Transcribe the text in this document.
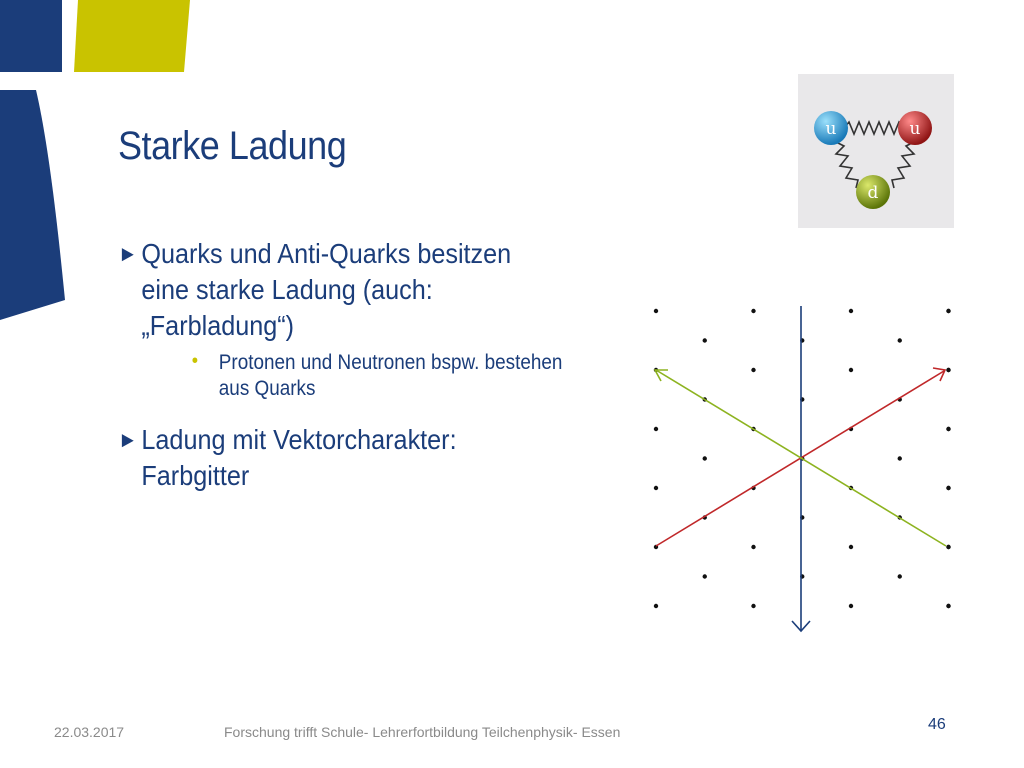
Starke Ladung
► Quarks und Anti-Quarks besitzen
eine starke Ladung (auch:
„Farbladung“)
• Protonen und Neutronen bspw. bestehen
aus Quarks
► Ladung mit Vektorcharakter:
Farbgitter
u	u
d
22.03.2017	Forschung trifft Schule- Lehrerfortbildung Teilchenphysik- Essen	46
